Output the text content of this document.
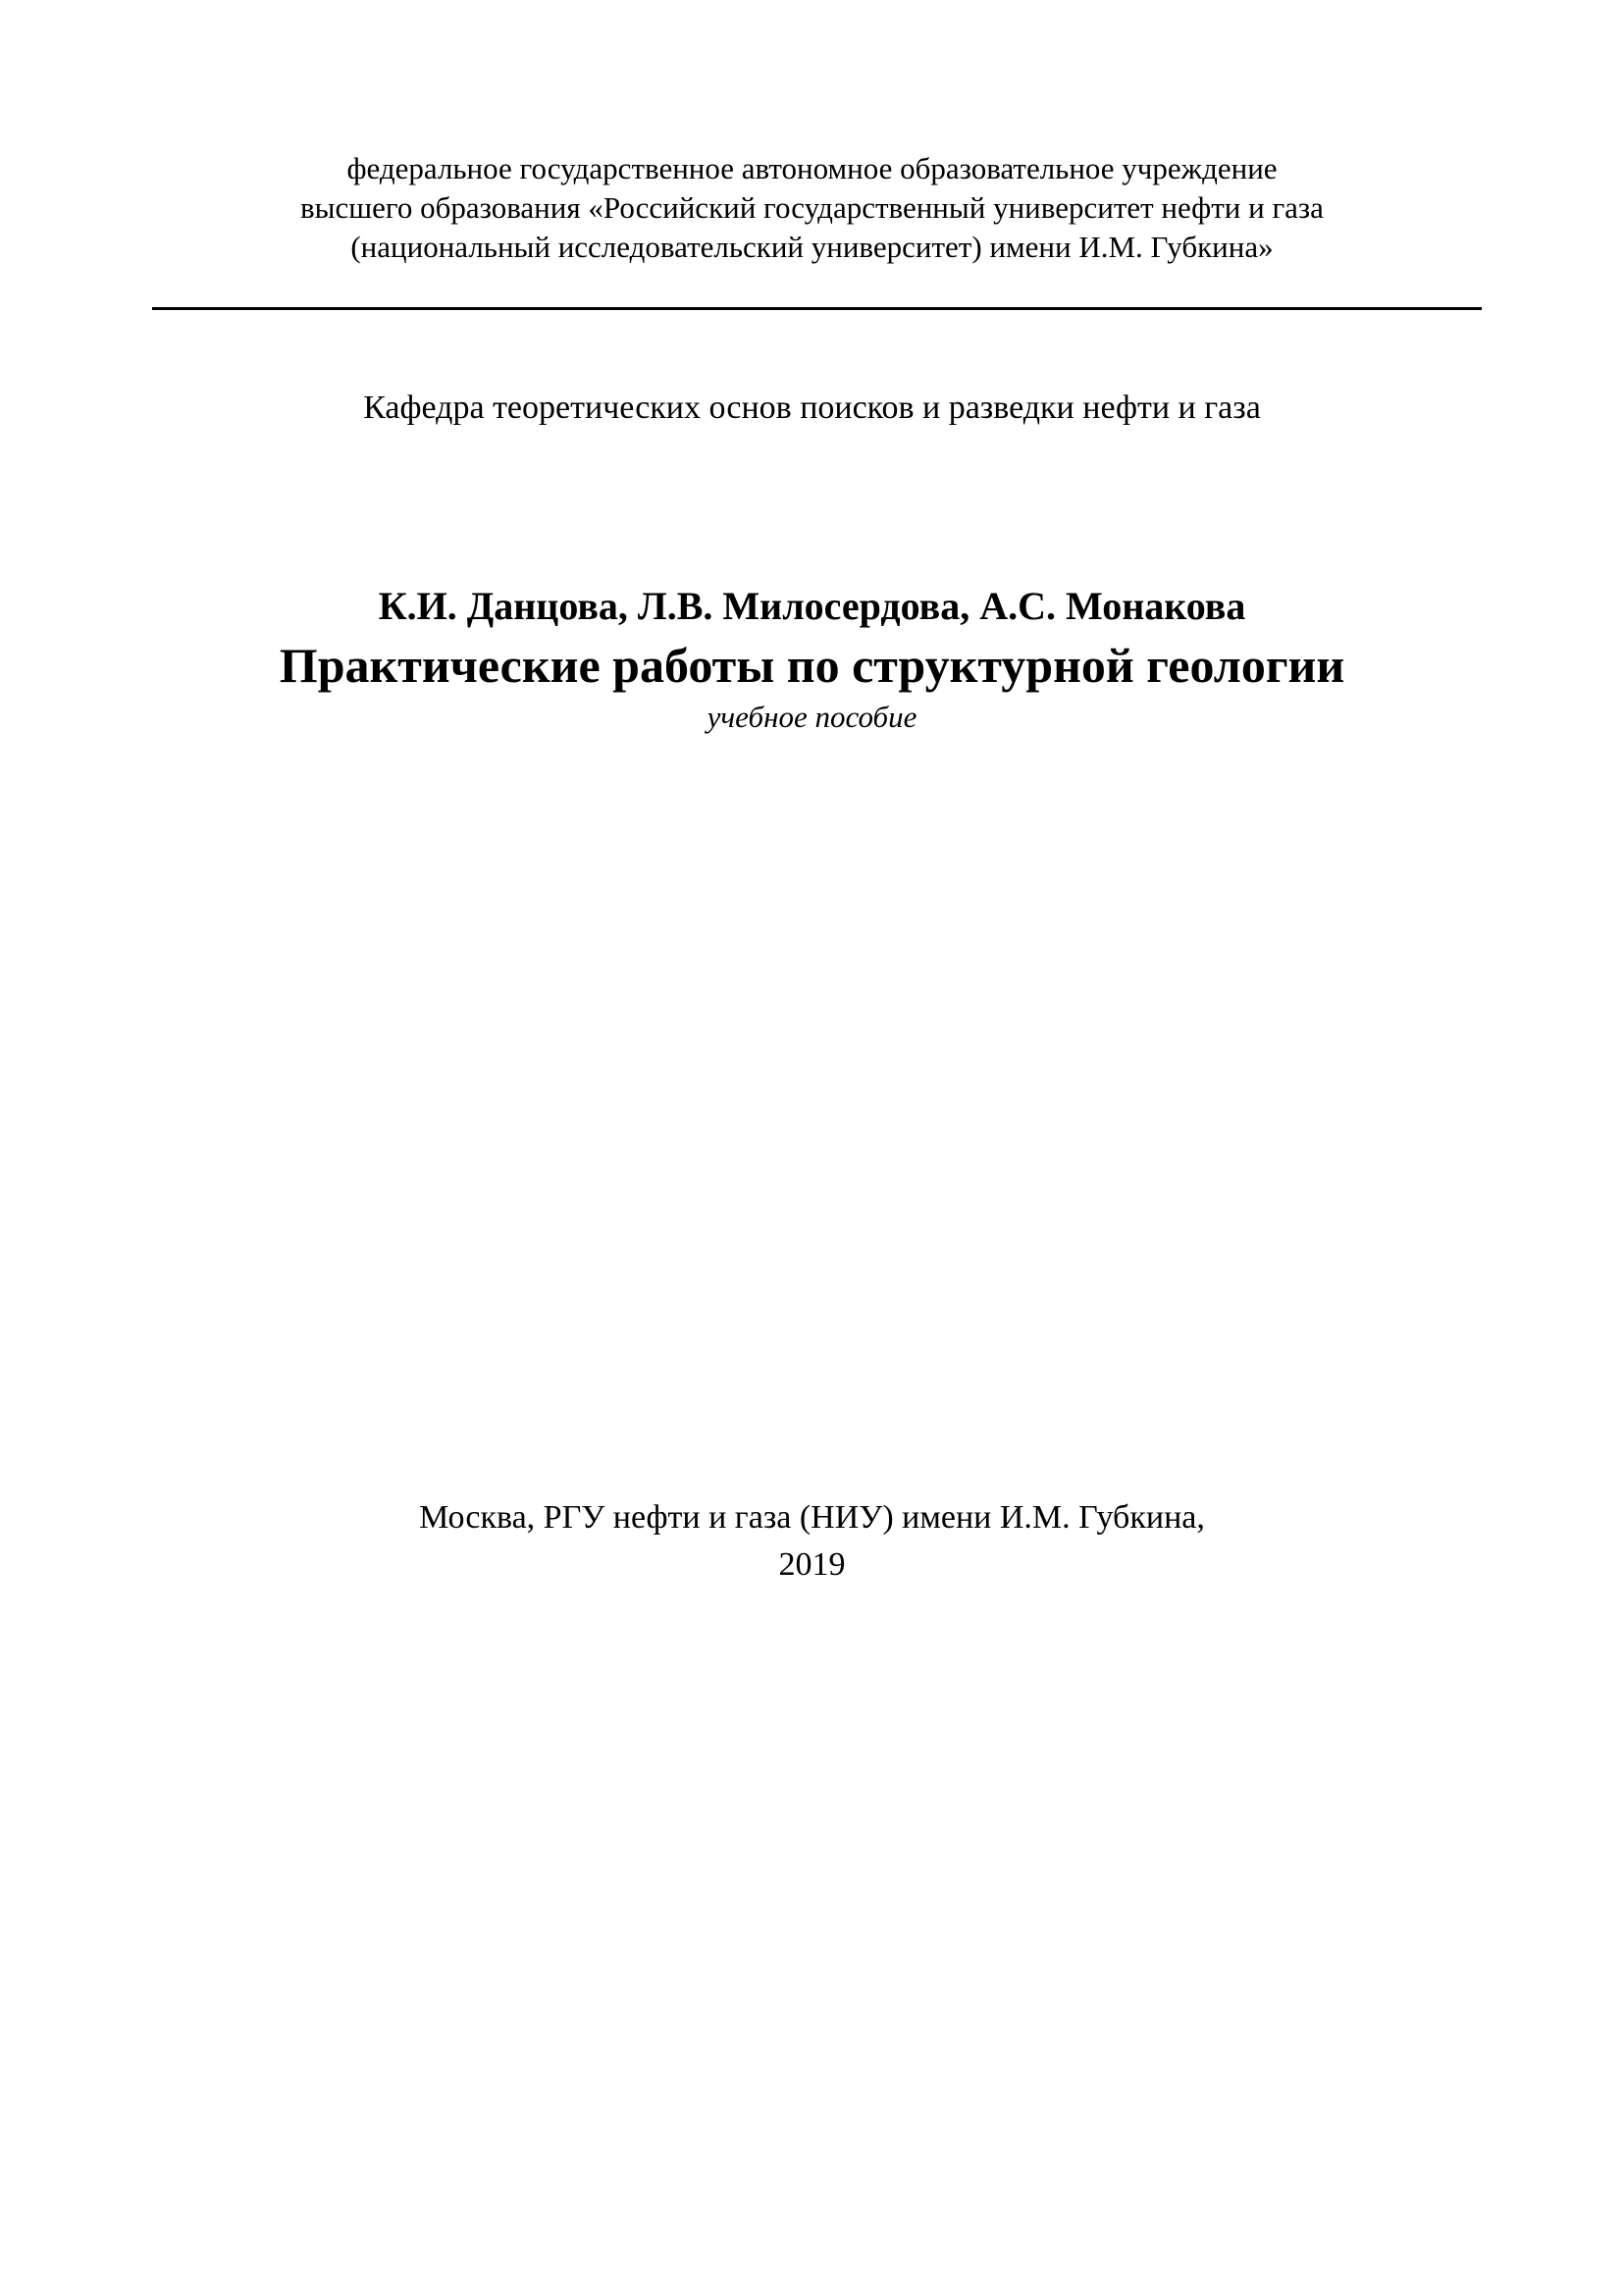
федеральное государственное автономное образовательное учреждение
высшего образования «Российский государственный университет нефти и газа
(национальный исследовательский университет) имени И.М. Губкина»
Кафедра теоретических основ поисков и разведки нефти и газа
К.И. Данцова, Л.В. Милосердова, А.С. Монакова
Практические работы по структурной геологии
учебное пособие
Москва, РГУ нефти и газа (НИУ) имени И.М. Губкина,
2019
